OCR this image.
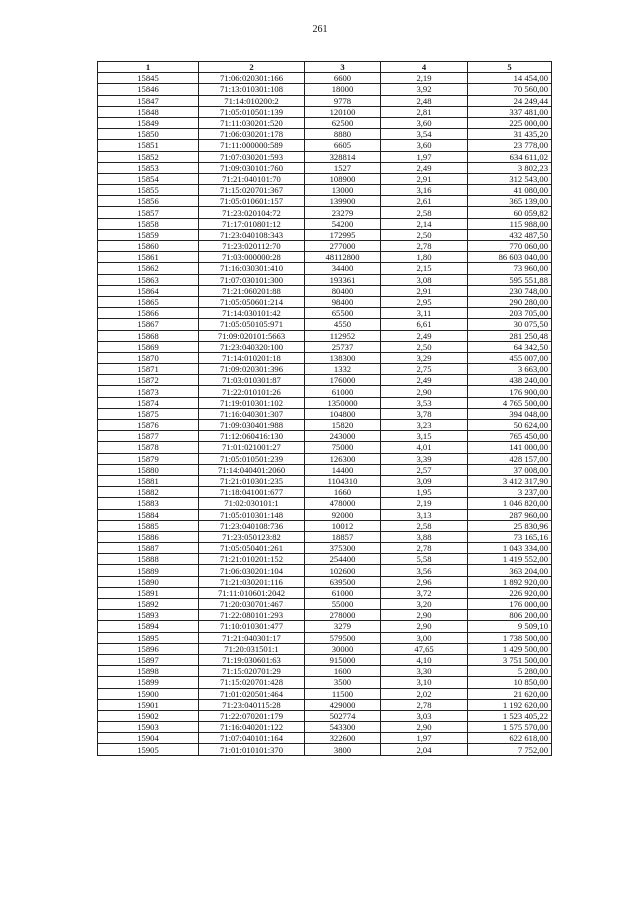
261
1	2	3	4	5
15845	71:06:020301:166	6600	2,19	14 454,00
15846	71:13:010301:108	18000	3,92	70 560,00
15847	71:14:010200:2	9778	2,48	24 249,44
15848	71:05:010501:139	120100	2,81	337 481,00
15849	71:11:030201:520	62500	3,60	225 000,00
15850	71:06:030201:178	8880	3,54	31 435,20
15851	71:11:000000:589	6605	3,60	23 778,00
15852	71:07:030201:593	328814	1,97	634 611,02
15853	71:09:030101:760	1527	2,49	3 802,23
15854	71:21:040101:70	108900	2,91	312 543,00
15855	71:15:020701:367	13000	3,16	41 080,00
15856	71:05:010601:157	139900	2,61	365 139,00
15857	71:23:020104:72	23279	2,58	60 059,82
15858	71:17:010801:12	54200	2,14	115 988,00
15859	71:23:040108:343	172995	2,50	432 487,50
15860	71:23:020112:70	277000	2,78	770 060,00
15861	71:03:000000:28	48112800	1,80	86 603 040,00
15862	71:16:030301:410	34400	2,15	73 960,00
15863	71:07:030101:300	193361	3,08	595 551,88
15864	71:21:060201:88	80400	2,91	230 748,00
15865	71:05:050601:214	98400	2,95	290 280,00
15866	71:14:030101:42	65500	3,11	203 705,00
15867	71:05:050105:971	4550	6,61	30 075,50
15868	71:09:020101:5663	112952	2,49	281 250,48
15869	71:23:040320:100	25737	2,50	64 342,50
15870	71:14:010201:18	138300	3,29	455 007,00
15871	71:09:020301:396	1332	2,75	3 663,00
15872	71:03:010301:87	176000	2,49	438 240,00
15873	71:22:010101:26	61000	2,90	176 900,00
15874	71:19:010301:102	1350000	3,53	4 765 500,00
15875	71:16:040301:307	104800	3,78	394 048,00
15876	71:09:030401:988	15820	3,23	50 624,00
15877	71:12:060416:130	243000	3,15	765 450,00
15878	71:01:021001:27	75000	4,01	141 000,00
15879	71:05:010501:239	126300	3,39	428 157,00
15880	71:14:040401:2060	14400	2,57	37 008,00
15881	71:21:010301:235	1104310	3,09	3 412 317,90
15882	71:18:041001:677	1660	1,95	3 237,00
15883	71:02:030101:1	478000	2,19	1 046 820,00
15884	71:05:010301:148	92000	3,13	287 960,00
15885	71:23:040108:736	10012	2,58	25 830,96
15886	71:23:050123:82	18857	3,88	73 165,16
15887	71:05:050401:261	375300	2,78	1 043 334,00
15888	71:21:010201:152	254400	5,58	1 419 552,00
15889	71:06:030201:104	102600	3,56	363 204,00
15890	71:21:030201:116	639500	2,96	1 892 920,00
15891	71:11:010601:2042	61000	3,72	226 920,00
15892	71:20:030701:467	55000	3,20	176 000,00
15893	71:22:080101:293	278000	2,90	806 200,00
15894	71:10:010301:477	3279	2,90	9 509,10
15895	71:21:040301:17	579500	3,00	1 738 500,00
15896	71:20:031501:1	30000	47,65	1 429 500,00
15897	71:19:030601:63	915000	4,10	3 751 500,00
15898	71:15:020701:29	1600	3,30	5 280,00
15899	71:15:020701:428	3500	3,10	10 850,00
15900	71:01:020501:464	11500	2,02	21 620,00
15901	71:23:040115:28	429000	2,78	1 192 620,00
15902	71:22:070201:179	502774	3,03	1 523 405,22
15903	71:16:040201:122	543300	2,90	1 575 570,00
15904	71:07:040101:164	322600	1,97	622 618,00
15905	71:01:010101:370	3800	2,04	7 752,00
